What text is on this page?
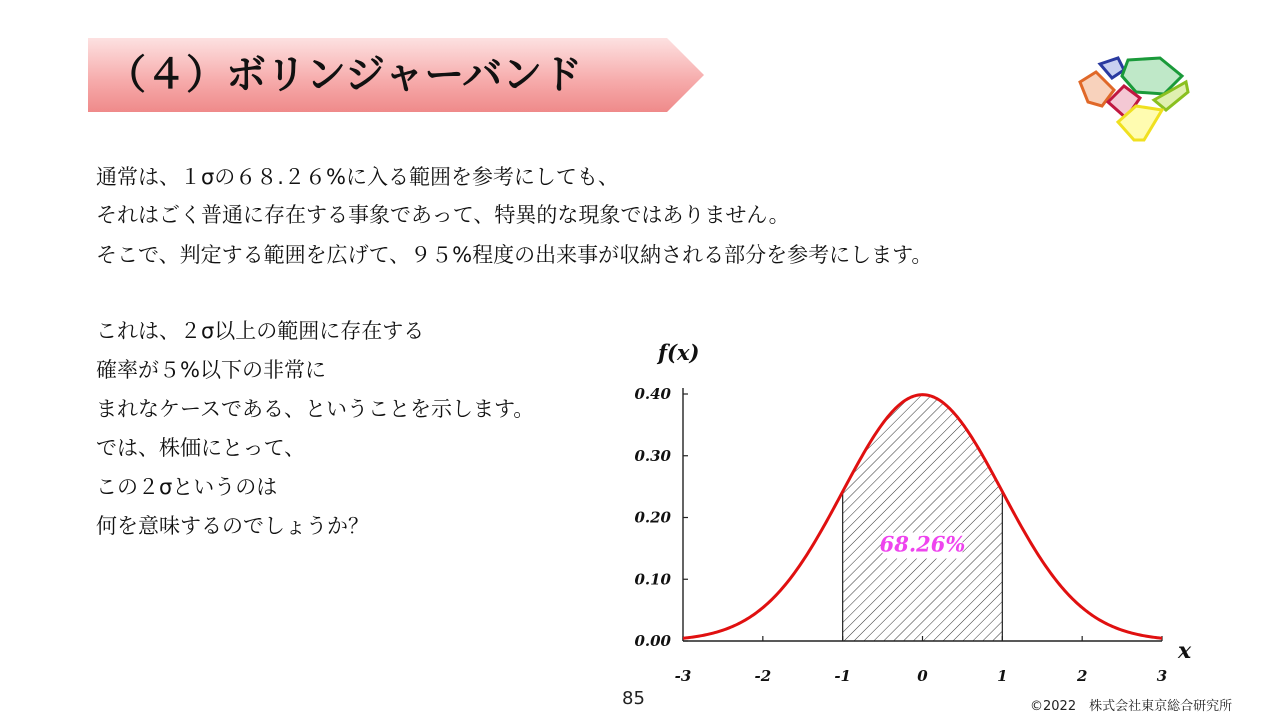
（４）ボリンジャーバンド
通常は、１σの６８.２６%に入る範囲を参考にしても、
それはごく普通に存在する事象であって、特異的な現象ではありません。
そこで、判定する範囲を広げて、９５%程度の出来事が収納される部分を参考にします。
これは、２σ以上の範囲に存在する
確率が５%以下の非常に
まれなケースである、ということを示します。
では、株価にとって、
この２σというのは
何を意味するのでしょうか？
0.00
0.10
0.20
0.30
0.40
-3	-2	-1	0	1	2	3
f(x)
x
68.26%
85	©2022　株式会社東京総合研究所
